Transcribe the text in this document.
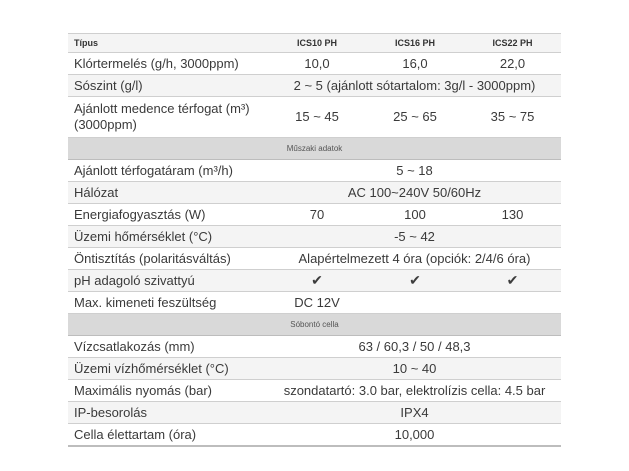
Típus	ICS10 PH	ICS16 PH	ICS22 PH
Klórtermelés (g/h, 3000ppm)	10,0	16,0	22,0
Sószint (g/l)	2 ~ 5 (ajánlott sótartalom: 3g/l - 3000ppm)		
Ajánlott medence térfogat (m³) (3000ppm)	15 ~ 45	25 ~ 65	35 ~ 75
Műszaki adatok			
Ajánlott térfogatáram (m³/h)	5 ~ 18		
Hálózat	AC 100~240V 50/60Hz		
Energiafogyasztás (W)	70	100	130
Üzemi hőmérséklet (°C)	-5 ~ 42		
Öntisztítás (polaritásváltás)	Alapértelmezett 4 óra (opciók: 2/4/6 óra)		
pH adagoló szivattyú	✔	✔	✔
Max. kimeneti feszültség	DC 12V		
Sóbontó cella			
Vízcsatlakozás (mm)	63 / 60,3 / 50 / 48,3		
Üzemi vízhőmérséklet (°C)	10 ~ 40		
Maximális nyomás (bar)	szondatartó: 3.0 bar, elektrolízis cella: 4.5 bar		
IP-besorolás	IPX4		
Cella élettartam (óra)	10,000		
